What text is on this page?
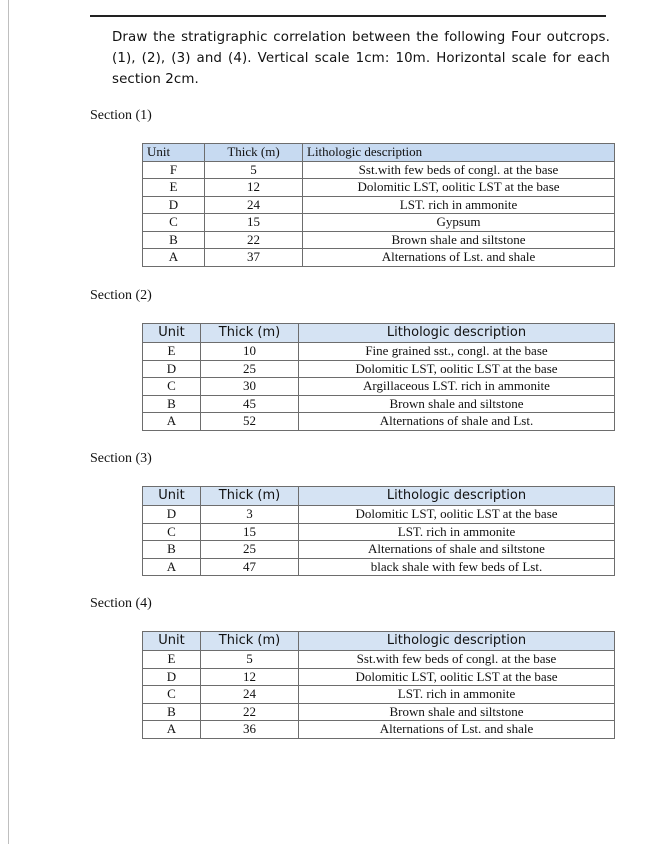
Draw the stratigraphic correlation between the following Four outcrops. (1), (2), (3) and (4). Vertical scale 1cm: 10m. Horizontal scale for each section 2cm.
Section (1)
Unit	Thick (m)	Lithologic description
F	5	Sst.with few beds of congl. at the base
E	12	Dolomitic LST, oolitic LST at the base
D	24	LST. rich in ammonite
C	15	Gypsum
B	22	Brown shale and siltstone
A	37	Alternations of Lst. and shale
Section (2)
Unit	Thick (m)	Lithologic description
E	10	Fine grained sst., congl. at the base
D	25	Dolomitic LST, oolitic LST at the base
C	30	Argillaceous LST. rich in ammonite
B	45	Brown shale and siltstone
A	52	Alternations of shale and Lst.
Section (3)
Unit	Thick (m)	Lithologic description
D	3	Dolomitic LST, oolitic LST at the base
C	15	LST. rich in ammonite
B	25	Alternations of shale and siltstone
A	47	black shale with few beds of Lst.
Section (4)
Unit	Thick (m)	Lithologic description
E	5	Sst.with few beds of congl. at the base
D	12	Dolomitic LST, oolitic LST at the base
C	24	LST. rich in ammonite
B	22	Brown shale and siltstone
A	36	Alternations of Lst. and shale
